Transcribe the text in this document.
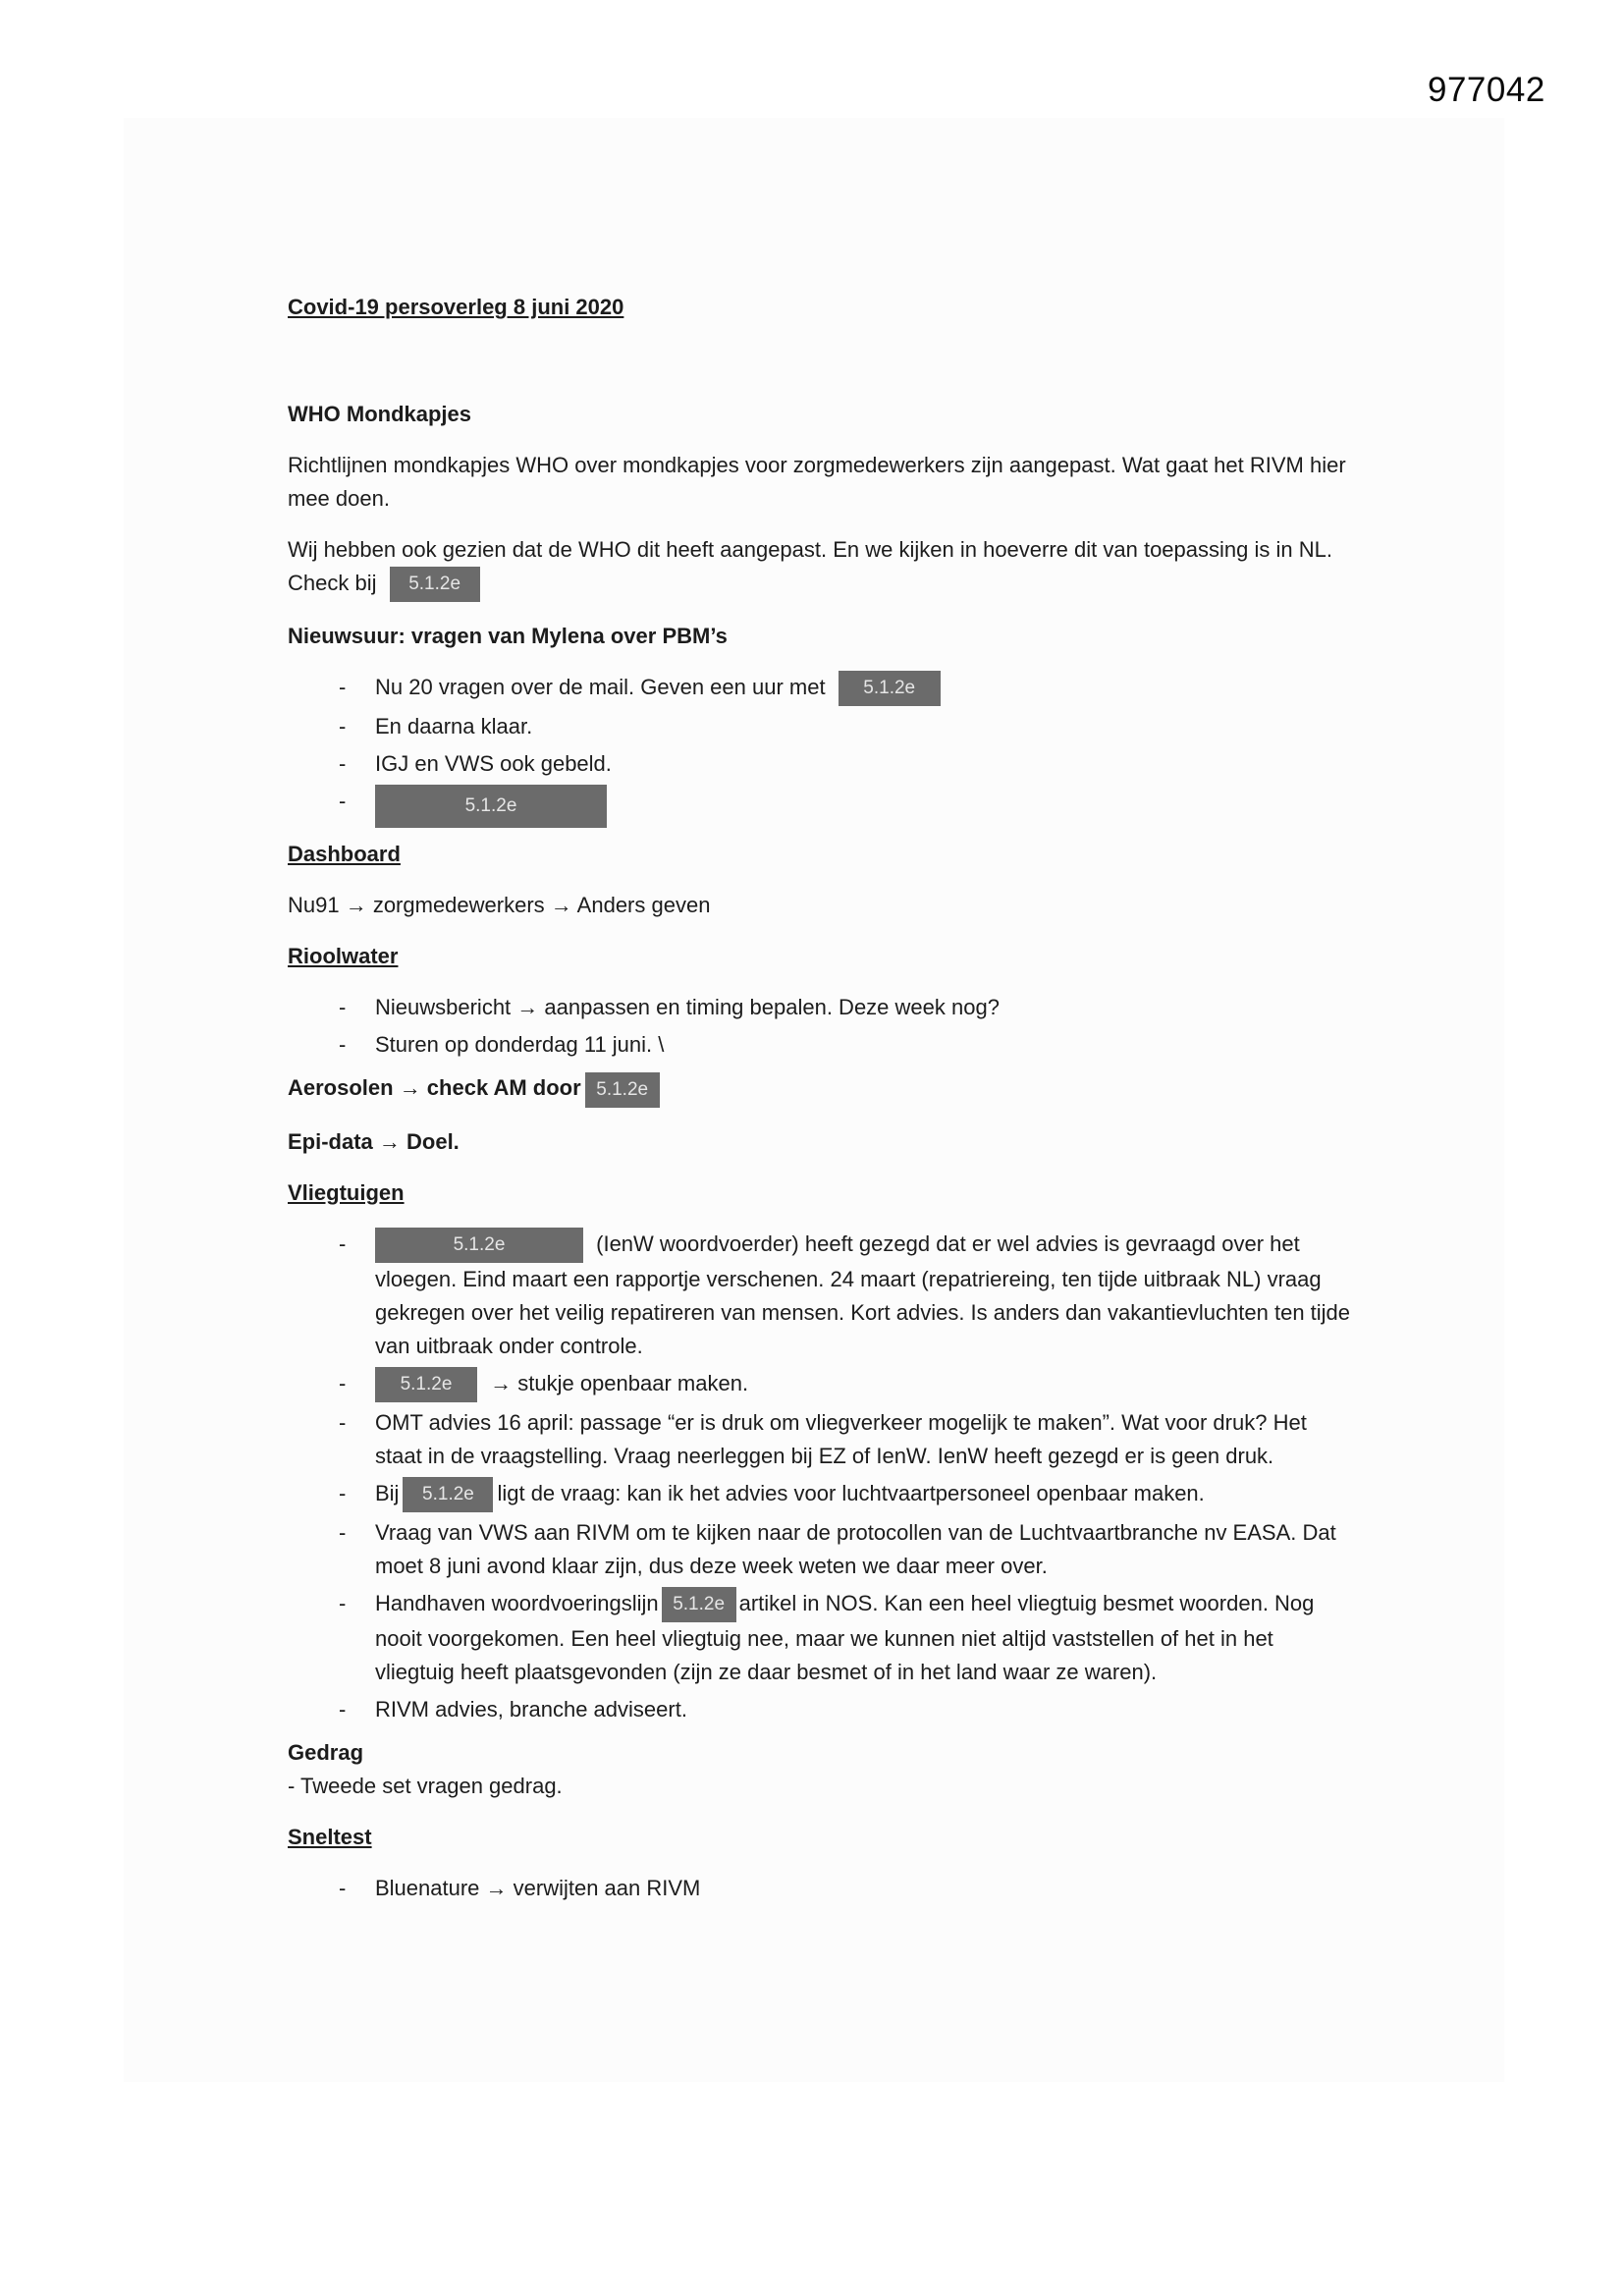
977042
Covid-19 persoverleg 8 juni 2020
WHO Mondkapjes
Richtlijnen mondkapjes WHO over mondkapjes voor zorgmedewerkers zijn aangepast. Wat gaat het RIVM hier mee doen.
Wij hebben ook gezien dat de WHO dit heeft aangepast. En we kijken in hoeverre dit van toepassing is in NL. Check bij 5.1.2e
Nieuwsuur: vragen van Mylena over PBM’s
-	Nu 20 vragen over de mail. Geven een uur met 5.1.2e
-	En daarna klaar.
-	IGJ en VWS ook gebeld.
-	5.1.2e
Dashboard
Nu91 → zorgmedewerkers → Anders geven
Rioolwater
-	Nieuwsbericht → aanpassen en timing bepalen. Deze week nog?
-	Sturen op donderdag 11 juni. \
Aerosolen → check AM door 5.1.2e
Epi-data → Doel.
Vliegtuigen
-	5.1.2e	(IenW woordvoerder) heeft gezegd dat er wel advies is gevraagd over het vloegen. Eind maart een rapportje verschenen. 24 maart (repatriereing, ten tijde uitbraak NL) vraag gekregen over het veilig repatireren van mensen. Kort advies. Is anders dan vakantievluchten ten tijde van uitbraak onder controle.
-	5.1.2e → stukje openbaar maken.
-	OMT advies 16 april: passage “er is druk om vliegverkeer mogelijk te maken”. Wat voor druk? Het staat in de vraagstelling. Vraag neerleggen bij EZ of IenW. IenW heeft gezegd er is geen druk.
-	Bij 5.1.2e ligt de vraag: kan ik het advies voor luchtvaartpersoneel openbaar maken.
-	Vraag van VWS aan RIVM om te kijken naar de protocollen van de Luchtvaartbranche nv EASA. Dat moet 8 juni avond klaar zijn, dus deze week weten we daar meer over.
-	Handhaven woordvoeringslijn 5.1.2e artikel in NOS. Kan een heel vliegtuig besmet woorden. Nog nooit voorgekomen. Een heel vliegtuig nee, maar we kunnen niet altijd vaststellen of het in het vliegtuig heeft plaatsgevonden (zijn ze daar besmet of in het land waar ze waren).
-	RIVM advies, branche adviseert.
Gedrag
- Tweede set vragen gedrag.
Sneltest
-	Bluenature → verwijten aan RIVM
